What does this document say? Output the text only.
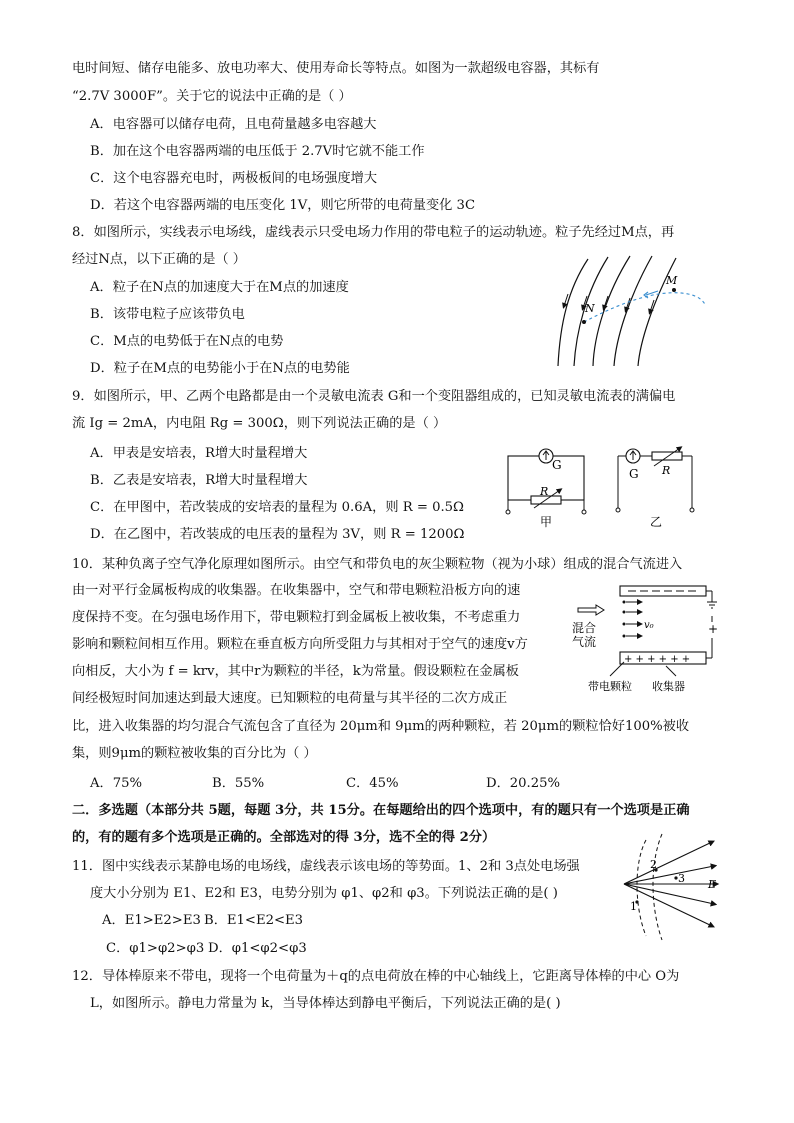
电时间短、储存电能多、放电功率大、使用寿命长等特点。如图为一款超级电容器，其标有
“2.7V 3000F”。关于它的说法中正确的是（ ）
A．电容器可以储存电荷，且电荷量越多电容越大
B．加在这个电容器两端的电压低于 2.7V时它就不能工作
C．这个电容器充电时，两极板间的电场强度增大
D．若这个电容器两端的电压变化 1V，则它所带的电荷量变化 3C
8．如图所示，实线表示电场线，虚线表示只受电场力作用的带电粒子的运动轨迹。粒子先经过M点，再
经过N点，以下正确的是（ ）
A．粒子在N点的加速度大于在M点的加速度
B．该带电粒子应该带负电
C．M点的电势低于在N点的电势
D．粒子在M点的电势能小于在N点的电势能
M
N
9．如图所示，甲、乙两个电路都是由一个灵敏电流表 G和一个变阻器组成的，已知灵敏电流表的满偏电
流 Ig = 2mA，内电阻 Rg = 300Ω，则下列说法正确的是（ ）
A．甲表是安培表，R增大时量程增大
B．乙表是安培表，R增大时量程增大
C．在甲图中，若改装成的安培表的量程为 0.6A，则 R = 0.5Ω
D．在乙图中，若改装成的电压表的量程为 3V，则 R = 1200Ω
G
R
甲
G R
乙
10．某种负离子空气净化原理如图所示。由空气和带负电的灰尘颗粒物（视为小球）组成的混合气流进入
由一对平行金属板构成的收集器。在收集器中，空气和带电颗粒沿板方向的速
度保持不变。在匀强电场作用下，带电颗粒打到金属板上被收集，不考虑重力
影响和颗粒间相互作用。颗粒在垂直板方向所受阻力与其相对于空气的速度v方
向相反，大小为 f = krv，其中r为颗粒的半径，k为常量。假设颗粒在金属板
间经极短时间加速达到最大速度。已知颗粒的电荷量与其半径的二次方成正
比，进入收集器的均匀混合气流包含了直径为 20μm和 9μm的两种颗粒，若 20μm的颗粒恰好100%被收
集，则9μm的颗粒被收集的百分比为（ ）
A．75%	B．55%	C．45%	D．20.25%
+ + + + + +
+
v₀
混合
气流
带电颗粒 收集器
二．多选题（本部分共 5题，每题 3分，共 15分。在每题给出的四个选项中，有的题只有一个选项是正确
的，有的题有多个选项是正确的。全部选对的得 3分，选不全的得 2分）
11．图中实线表示某静电场的电场线，虚线表示该电场的等势面。1、2和 3点处电场强
度大小分别为 E1、E2和 E3，电势分别为 φ1、φ2和 φ3。下列说法正确的是( )
A．E1>E2>E3 B．E1<E2<E3
C．φ1>φ2>φ3 D．φ1<φ2<φ3
1
2
3 E
12．导体棒原来不带电，现将一个电荷量为＋q的点电荷放在棒的中心轴线上，它距离导体棒的中心 O为
L，如图所示。静电力常量为 k，当导体棒达到静电平衡后，下列说法正确的是( )
